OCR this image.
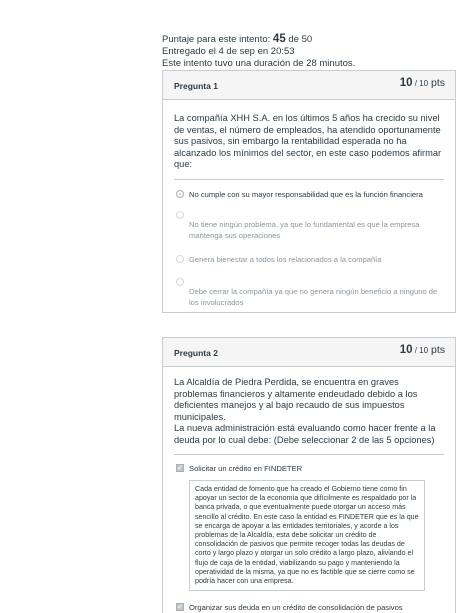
Puntaje para este intento: 45 de 50
Entregado el 4 de sep en 20:53
Este intento tuvo una duración de 28 minutos.
Pregunta 1	10 / 10 pts
La compañía XHH S.A. en los últimos 5 años ha crecido su nivel de ventas, el número de empleados, ha atendido oportunamente sus pasivos, sin embargo la rentabilidad esperada no ha alcanzado los mínimos del sector, en este caso podemos afirmar que:
No cumple con su mayor responsabilidad que es la función financiera
No tiene ningún problema, ya que lo fundamental es que la empresa mantenga sus operaciones
Genera bienestar a todos los relacionados a la compañía
Debe cerrar la compañía ya que no genera ningún beneficio a ninguno de los involucrados
Pregunta 2	10 / 10 pts
La Alcaldía de Piedra Perdida, se encuentra en graves problemas financieros y altamente endeudado debido a los deficientes manejos y al bajo recaudo de sus impuestos municipales.
La nueva administración está evaluando como hacer frente a la deuda por lo cual debe: (Debe seleccionar 2 de las 5 opciones)
✓ Solicitar un crédito en FINDETER
Cada entidad de fomento que ha creado el Gobierno tiene como fin apoyar un sector de la economía que difícilmente es respaldado por la banca privada, o que eventualmente puede otorgar un acceso más sencillo al crédito. En este caso la entidad es FINDETER que es la que se encarga de apoyar a las entidades territoriales, y acorde a los problemas de la Alcaldía, esta debe solicitar un crédito de consolidación de pasivos que permite recoger todas las deudas de corto y largo plazo y otorgar un solo crédito a largo plazo, aliviando el flujo de caja de la entidad, viabilizando su pago y manteniendo la operatividad de la misma, ya que no es factible que se cierre como se podría hacer con una empresa.
✓ Organizar sus deuda en un crédito de consolidación de pasivos
